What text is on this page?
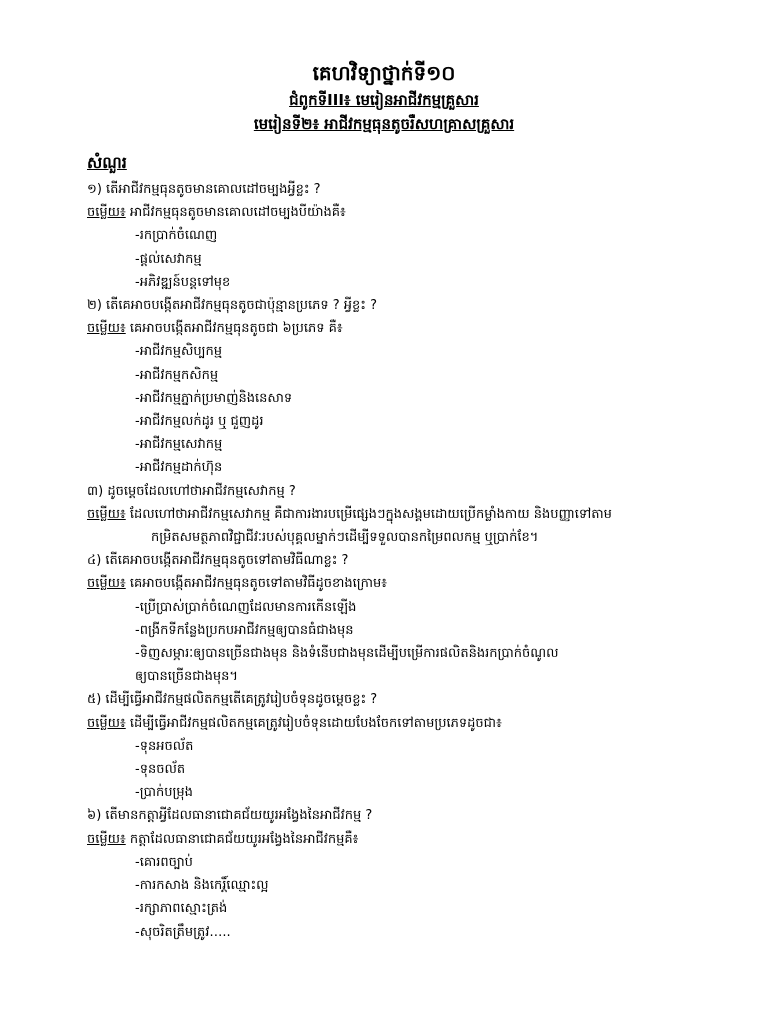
គេហវិទ្យាថ្នាក់ទី១០
ជំពូកទីIII៖ មេរៀនអាជីវកម្មគ្រួសារ
មេរៀនទី២៖ អាជីវកម្មធុនតូចរឺសហគ្រាសគ្រួសារ
សំណួរ
១) តើអាជីវកម្មធុនតូចមានគោលដៅចម្បងអ្វីខ្លះ ?
ចម្លើយ៖ អាជីវកម្មធុនតូចមានគោលដៅចម្បងបីយ៉ាងគឺ៖
-រកប្រាក់ចំណេញ
-ផ្តល់សេវាកម្ម
-អភិវឌ្ឍន៍បន្តទៅមុខ
២) តើគេអាចបង្កើតអាជីវកម្មធុនតូចជាប៉ុន្មានប្រភេទ ? អ្វីខ្លះ ?
ចម្លើយ៖ គេអាចបង្កើតអាជីវកម្មធុនតូចជា ៦ប្រភេទ គឺ៖
-អាជីវកម្មសិប្បកម្ម
-អាជីវកម្មកសិកម្ម
-អាជីវកម្មភ្នាក់ប្រមាញ់និងនេសាទ
-អាជីវកម្មលក់ដូរ ឬ ជួញដូរ
-អាជីវកម្មសេវាកម្ម
-អាជីវកម្មដាក់ហ៊ុន
៣) ដូចម្តេចដែលហៅថាអាជីវកម្មសេវាកម្ម ?
ចម្លើយ៖ ដែលហៅថាអាជីវកម្មសេវាកម្ម គឺជាការងារបម្រើផ្សេងៗក្នុងសង្គមដោយប្រើកម្លាំងកាយ និងបញ្ញាទៅតាម
កម្រិតសមត្ថភាពវិជ្ជាជីវៈរបស់បុគ្គលម្នាក់ៗដើម្បីទទួលបានកម្រៃពលកម្ម ឬប្រាក់ខែ។
៤) តើគេអាចបង្កើតអាជីវកម្មធុនតូចទៅតាមវិធីណាខ្លះ ?
ចម្លើយ៖ គេអាចបង្កើតអាជីវកម្មធុនតូចទៅតាមវិធីដូចខាងក្រោម៖
-ប្រើប្រាស់ប្រាក់ចំណេញដែលមានការកើនឡើង
-ពង្រីកទីកន្លែងប្រកបអាជីវកម្មឲ្យបានធំជាងមុន
-ទិញសម្ភារៈឲ្យបានច្រើនជាងមុន និងទំនើបជាងមុនដើម្បីបម្រើការផលិតនិងរកប្រាក់ចំណូល
ឲ្យបានច្រើនជាងមុន។
៥) ដើម្បីធ្វើអាជីវកម្មផលិតកម្មតើគេត្រូវរៀបចំទុនដូចម្តេចខ្លះ ?
ចម្លើយ៖ ដើម្បីធ្វើអាជីវកម្មផលិតកម្មគេត្រូវរៀបចំទុនដោយបែងចែកទៅតាមប្រភេទដូចជា៖
-ទុនអចល័ត
-ទុនចល័ត
-ប្រាក់បម្រុង
៦) តើមានកត្តាអ្វីដែលធានាជោគជ័យយូរអង្វែងនៃអាជីវកម្ម ?
ចម្លើយ៖ កត្តាដែលធានាជោគជ័យយូរអង្វែងនៃអាជីវកម្មគឺ៖
-គោរពច្បាប់
-ការកសាង និងកេរ្តិ៍ឈ្មោះល្អ
-រក្សាភាពស្មោះត្រង់
-សុចរិតត្រឹមត្រូវ…..
